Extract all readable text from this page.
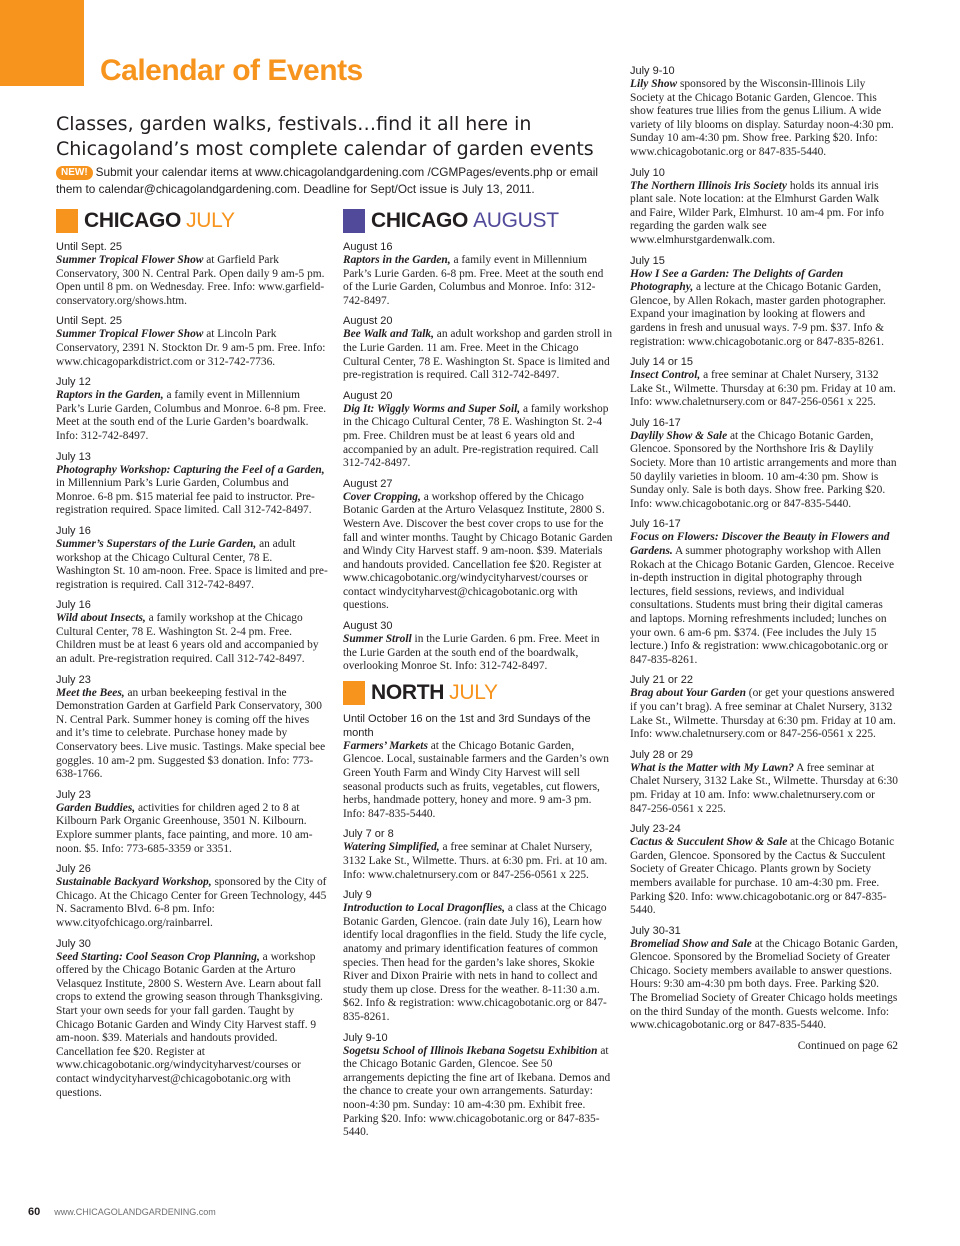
Calendar of Events
Classes, garden walks, festivals…find it all here in Chicagoland’s most complete calendar of garden events
NEW! Submit your calendar items at www.chicagolandgardening.com /CGMPages/events.php or email them to calendar@chicagolandgardening.com. Deadline for Sept/Oct issue is July 13, 2011.
CHICAGO JULY
Until Sept. 25
Summer Tropical Flower Show at Garfield Park Conservatory, 300 N. Central Park. Open daily 9 am-5 pm. Open until 8 pm. on Wednesday. Free. Info: www.garfield-conservatory.org/shows.htm.
Until Sept. 25
Summer Tropical Flower Show at Lincoln Park Conservatory, 2391 N. Stockton Dr. 9 am-5 pm. Free. Info: www.chicagoparkdistrict.com or 312-742-7736.
July 12
Raptors in the Garden, a family event in Millennium Park’s Lurie Garden, Columbus and Monroe. 6-8 pm. Free. Meet at the south end of the Lurie Garden’s boardwalk. Info: 312-742-8497.
July 13
Photography Workshop: Capturing the Feel of a Garden, in Millennium Park’s Lurie Garden, Columbus and Monroe. 6-8 pm. $15 material fee paid to instructor. Pre-registration required. Space limited. Call 312-742-8497.
July 16
Summer’s Superstars of the Lurie Garden, an adult workshop at the Chicago Cultural Center, 78 E. Washington St. 10 am-noon. Free. Space is limited and pre-registration is required. Call 312-742-8497.
July 16
Wild about Insects, a family workshop at the Chicago Cultural Center, 78 E. Washington St. 2-4 pm. Free. Children must be at least 6 years old and accompanied by an adult. Pre-registration required. Call 312-742-8497.
July 23
Meet the Bees, an urban beekeeping festival in the Demonstration Garden at Garfield Park Conservatory, 300 N. Central Park. Summer honey is coming off the hives and it’s time to celebrate. Purchase honey made by Conservatory bees. Live music. Tastings. Make special bee goggles. 10 am-2 pm. Suggested $3 donation. Info: 773-638-1766.
July 23
Garden Buddies, activities for children aged 2 to 8 at Kilbourn Park Organic Greenhouse, 3501 N. Kilbourn. Explore summer plants, face painting, and more. 10 am-noon. $5. Info: 773-685-3359 or 3351.
July 26
Sustainable Backyard Workshop, sponsored by the City of Chicago. At the Chicago Center for Green Technology, 445 N. Sacramento Blvd. 6-8 pm. Info: www.cityofchicago.org/rainbarrel.
July 30
Seed Starting: Cool Season Crop Planning, a workshop offered by the Chicago Botanic Garden at the Arturo Velasquez Institute, 2800 S. Western Ave. Learn about fall crops to extend the growing season through Thanksgiving. Start your own seeds for your fall garden. Taught by Chicago Botanic Garden and Windy City Harvest staff. 9 am-noon. $39. Materials and handouts provided. Cancellation fee $20. Register at www.chicagobotanic.org/windycityharvest/courses or contact windycityharvest@chicagobotanic.org with questions.
CHICAGO AUGUST
August 16
Raptors in the Garden, a family event in Millennium Park’s Lurie Garden. 6-8 pm. Free. Meet at the south end of the Lurie Garden, Columbus and Monroe. Info: 312-742-8497.
August 20
Bee Walk and Talk, an adult workshop and garden stroll in the Lurie Garden. 11 am. Free. Meet in the Chicago Cultural Center, 78 E. Washington St. Space is limited and pre-registration is required. Call 312-742-8497.
August 20
Dig It: Wiggly Worms and Super Soil, a family workshop in the Chicago Cultural Center, 78 E. Washington St. 2-4 pm. Free. Children must be at least 6 years old and accompanied by an adult. Pre-registration required. Call 312-742-8497.
August 27
Cover Cropping, a workshop offered by the Chicago Botanic Garden at the Arturo Velasquez Institute, 2800 S. Western Ave. Discover the best cover crops to use for the fall and winter months. Taught by Chicago Botanic Garden and Windy City Harvest staff. 9 am-noon. $39. Materials and handouts provided. Cancellation fee $20. Register at www.chicagobotanic.org/windycityharvest/courses or contact windycityharvest@chicagobotanic.org with questions.
August 30
Summer Stroll in the Lurie Garden. 6 pm. Free. Meet in the Lurie Garden at the south end of the boardwalk, overlooking Monroe St. Info: 312-742-8497.
NORTH JULY
Until October 16 on the 1st and 3rd Sundays of the month
Farmers’ Markets at the Chicago Botanic Garden, Glencoe. Local, sustainable farmers and the Garden’s own Green Youth Farm and Windy City Harvest will sell seasonal products such as fruits, vegetables, cut flowers, herbs, handmade pottery, honey and more. 9 am-3 pm. Info: 847-835-5440.
July 7 or 8
Watering Simplified, a free seminar at Chalet Nursery, 3132 Lake St., Wilmette. Thurs. at 6:30 pm. Fri. at 10 am. Info: www.chaletnursery.com or 847-256-0561 x 225.
July 9
Introduction to Local Dragonflies, a class at the Chicago Botanic Garden, Glencoe. (rain date July 16), Learn how identify local dragonflies in the field. Study the life cycle, anatomy and primary identification features of common species. Then head for the garden’s lake shores, Skokie River and Dixon Prairie with nets in hand to collect and study them up close. Dress for the weather. 8-11:30 a.m. $62. Info & registration: www.chicagobotanic.org or 847-835-8261.
July 9-10
Sogetsu School of Illinois Ikebana Sogetsu Exhibition at the Chicago Botanic Garden, Glencoe. See 50 arrangements depicting the fine art of Ikebana. Demos and the chance to create your own arrangements. Saturday: noon-4:30 pm. Sunday: 10 am-4:30 pm. Exhibit free. Parking $20. Info: www.chicagobotanic.org or 847-835-5440.
July 9-10
Lily Show sponsored by the Wisconsin-Illinois Lily Society at the Chicago Botanic Garden, Glencoe. This show features true lilies from the genus Lilium. A wide variety of lily blooms on display. Saturday noon-4:30 pm. Sunday 10 am-4:30 pm. Show free. Parking $20. Info: www.chicagobotanic.org or 847-835-5440.
July 10
The Northern Illinois Iris Society holds its annual iris plant sale. Note location: at the Elmhurst Garden Walk and Faire, Wilder Park, Elmhurst. 10 am-4 pm. For info regarding the garden walk see www.elmhurstgardenwalk.com.
July 15
How I See a Garden: The Delights of Garden Photography, a lecture at the Chicago Botanic Garden, Glencoe, by Allen Rokach, master garden photographer. Expand your imagination by looking at flowers and gardens in fresh and unusual ways. 7-9 pm. $37. Info & registration: www.chicagobotanic.org or 847-835-8261.
July 14 or 15
Insect Control, a free seminar at Chalet Nursery, 3132 Lake St., Wilmette. Thursday at 6:30 pm. Friday at 10 am. Info: www.chaletnursery.com or 847-256-0561 x 225.
July 16-17
Daylily Show & Sale at the Chicago Botanic Garden, Glencoe. Sponsored by the Northshore Iris & Daylily Society. More than 10 artistic arrangements and more than 50 daylily varieties in bloom. 10 am-4:30 pm. Show is Sunday only. Sale is both days. Show free. Parking $20. Info: www.chicagobotanic.org or 847-835-5440.
July 16-17
Focus on Flowers: Discover the Beauty in Flowers and Gardens. A summer photography workshop with Allen Rokach at the Chicago Botanic Garden, Glencoe. Receive in-depth instruction in digital photography through lectures, field sessions, reviews, and individual consultations. Students must bring their digital cameras and laptops. Morning refreshments included; lunches on your own. 6 am-6 pm. $374. (Fee includes the July 15 lecture.) Info & registration: www.chicagobotanic.org or 847-835-8261.
July 21 or 22
Brag about Your Garden (or get your questions answered if you can’t brag). A free seminar at Chalet Nursery, 3132 Lake St., Wilmette. Thursday at 6:30 pm. Friday at 10 am. Info: www.chaletnursery.com or 847-256-0561 x 225.
July 28 or 29
What is the Matter with My Lawn? A free seminar at Chalet Nursery, 3132 Lake St., Wilmette. Thursday at 6:30 pm. Friday at 10 am. Info: www.chaletnursery.com or 847-256-0561 x 225.
July 23-24
Cactus & Succulent Show & Sale at the Chicago Botanic Garden, Glencoe. Sponsored by the Cactus & Succulent Society of Greater Chicago. Plants grown by Society members available for purchase. 10 am-4:30 pm. Free. Parking $20. Info: www.chicagobotanic.org or 847-835-5440.
July 30-31
Bromeliad Show and Sale at the Chicago Botanic Garden, Glencoe. Sponsored by the Bromeliad Society of Greater Chicago. Society members available to answer questions. Hours: 9:30 am-4:30 pm both days. Free. Parking $20. The Bromeliad Society of Greater Chicago holds meetings on the third Sunday of the month. Guests welcome. Info: www.chicagobotanic.org or 847-835-5440.
Continued on page 62
60 www.CHICAGOLANDGARDENING.com
